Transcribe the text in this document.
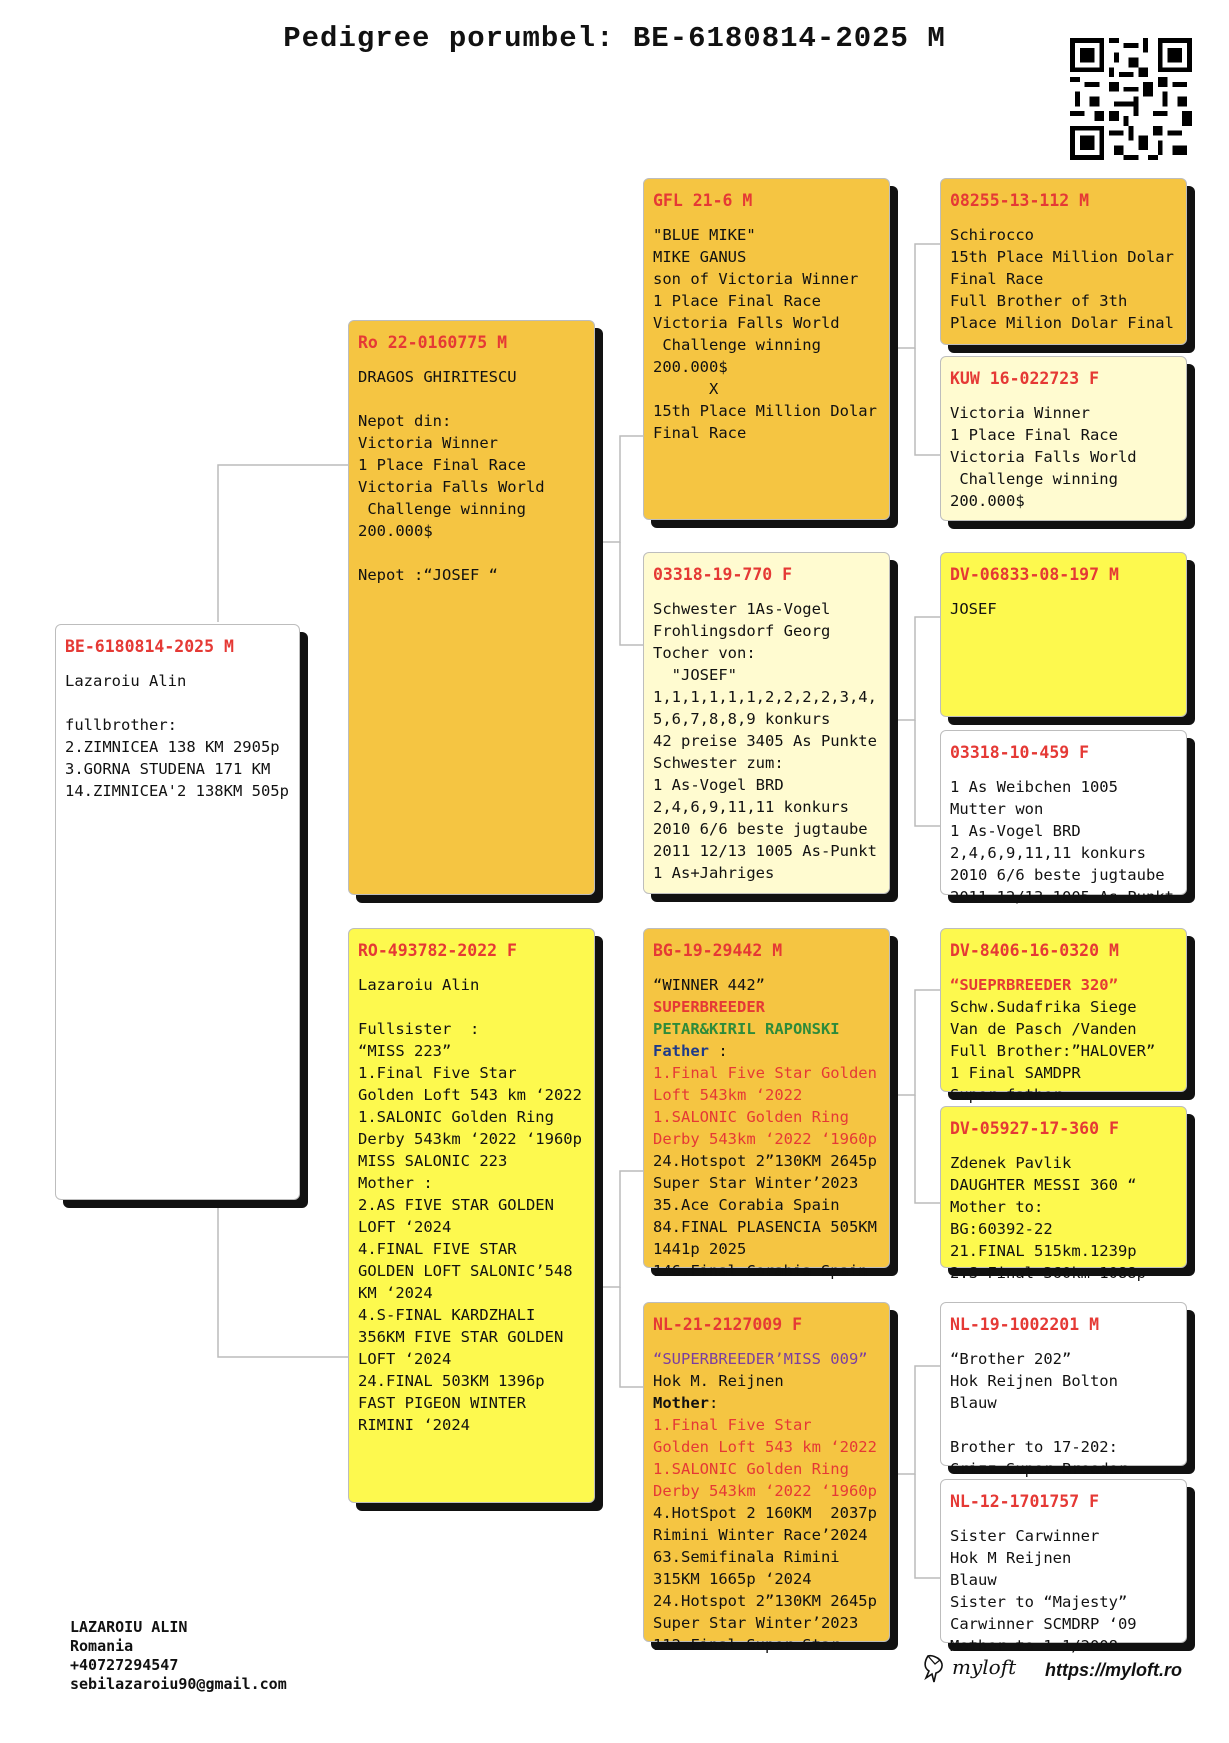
Pedigree porumbel: BE-6180814-2025 M
BE-6180814-2025 M
Lazaroiu Alin

fullbrother:
2.ZIMNICEA 138 KM 2905p
3.GORNA STUDENA 171 KM
14.ZIMNICEA'2 138KM 505p
Ro 22-0160775 M
DRAGOS GHIRITESCU

Nepot din:
Victoria Winner
1 Place Final Race
Victoria Falls World
Challenge winning
200.000$

Nepot :“JOSEF “
RO-493782-2022 F
Lazaroiu Alin

Fullsister  :
“MISS 223”
1.Final Five Star
Golden Loft 543 km ‘2022
1.SALONIC Golden Ring
Derby 543km ‘2022 ‘1960p
MISS SALONIC 223
Mother :
2.AS FIVE STAR GOLDEN
LOFT ‘2024
4.FINAL FIVE STAR
GOLDEN LOFT SALONIC’548
KM ‘2024
4.S-FINAL KARDZHALI
356KM FIVE STAR GOLDEN
LOFT ‘2024
24.FINAL 503KM 1396p
FAST PIGEON WINTER
RIMINI ‘2024
GFL 21-6 M
"BLUE MIKE"
MIKE GANUS
son of Victoria Winner
1 Place Final Race
Victoria Falls World
Challenge winning
200.000$
X
15th Place Million Dolar
Final Race
03318-19-770 F
Schwester 1As-Vogel
Frohlingsdorf Georg
Tocher von:
"JOSEF"
1,1,1,1,1,1,2,2,2,2,3,4,
5,6,7,8,8,9 konkurs
42 preise 3405 As Punkte
Schwester zum:
1 As-Vogel BRD
2,4,6,9,11,11 konkurs
2010 6/6 beste jugtaube
2011 12/13 1005 As-Punkt
1 As+Jahriges
BG-19-29442 M
“WINNER 442”
SUPERBREEDER
PETAR&KIRIL RAPONSKI
Father :
1.Final Five Star Golden
Loft 543km ‘2022
1.SALONIC Golden Ring
Derby 543km ‘2022 ‘1960p
24.Hotspot 2”130KM 2645p
Super Star Winter’2023
35.Ace Corabia Spain
84.FINAL PLASENCIA 505KM
1441p 2025
146.Final Corabia Spain
NL-21-2127009 F
“SUPERBREEDER’MISS 009”
Hok M. Reijnen
Mother:
1.Final Five Star
Golden Loft 543 km ‘2022
1.SALONIC Golden Ring
Derby 543km ‘2022 ‘1960p
4.HotSpot 2 160KM  2037p
Rimini Winter Race’2024
63.Semifinala Rimini
315KM 1665p ‘2024
24.Hotspot 2”130KM 2645p
Super Star Winter’2023
112.Final Super Star
08255-13-112 M
Schirocco
15th Place Million Dolar
Final Race
Full Brother of 3th
Place Milion Dolar Final
KUW 16-022723 F
Victoria Winner
1 Place Final Race
Victoria Falls World
Challenge winning
200.000$
DV-06833-08-197 M
JOSEF
03318-10-459 F
1 As Weibchen 1005
Mutter won
1 As-Vogel BRD
2,4,6,9,11,11 konkurs
2010 6/6 beste jugtaube
2011 12/13 1005 As-Punkt
DV-8406-16-0320 M
“SUEPRBREEDER 320”
Schw.Sudafrika Siege
Van de Pasch /Vanden
Full Brother:”HALOVER”
1 Final SAMDPR
Super father
DV-05927-17-360 F
Zdenek Pavlik
DAUGHTER MESSI 360 “
Mother to:
BG:60392-22
21.FINAL 515km.1239p
2.S-Final 360km 1088p
NL-19-1002201 M
“Brother 202”
Hok Reijnen Bolton
Blauw

Brother to 17-202:
Grizz Super Breeder
NL-12-1701757 F
Sister Carwinner
Hok M Reijnen
Blauw
Sister to “Majesty”
Carwinner SCMDRP ‘09
Mother to 1-1/2008
LAZAROIU ALIN
Romania
+40727294547
sebilazaroiu90@gmail.com
myloft https://myloft.ro
